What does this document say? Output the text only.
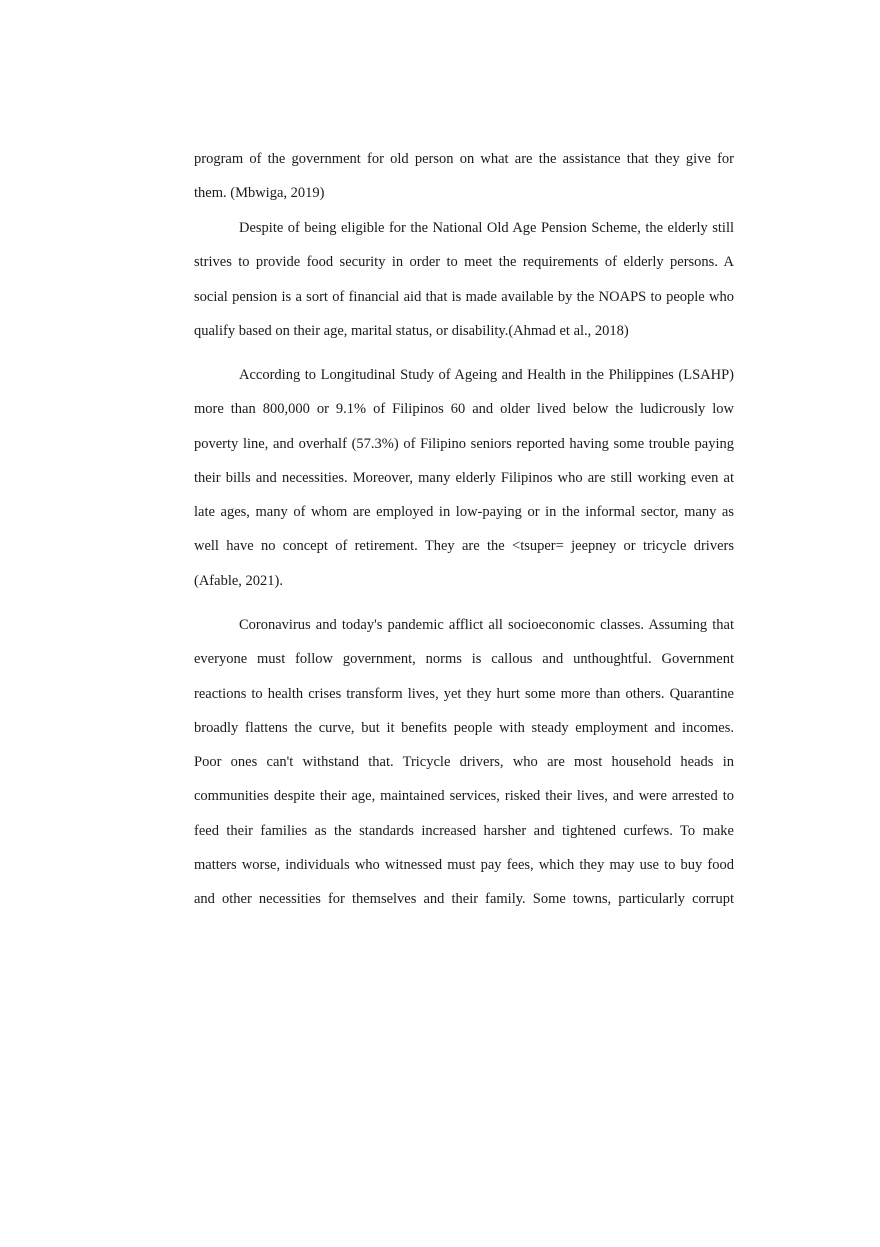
program of the government for old person on what are the assistance that they give for
them. (Mbwiga, 2019)
Despite of being eligible for the National Old Age Pension Scheme, the elderly still
strives to provide food security in order to meet the requirements of elderly persons. A
social pension is a sort of financial aid that is made available by the NOAPS to people who
qualify based on their age, marital status, or disability.(Ahmad et al., 2018)
According to Longitudinal Study of Ageing and Health in the Philippines (LSAHP)
more than 800,000 or 9.1% of Filipinos 60 and older lived below the ludicrously low
poverty line, and overhalf (57.3%) of Filipino seniors reported having some trouble paying
their bills and necessities. Moreover, many elderly Filipinos who are still working even at
late ages, many of whom are employed in low-paying or in the informal sector, many as
well have no concept of retirement. They are the <tsuper= jeepney or tricycle drivers
(Afable, 2021).
Coronavirus and today's pandemic afflict all socioeconomic classes. Assuming that
everyone must follow government, norms is callous and unthoughtful. Government
reactions to health crises transform lives, yet they hurt some more than others. Quarantine
broadly flattens the curve, but it benefits people with steady employment and incomes.
Poor ones can't withstand that. Tricycle drivers, who are most household heads in
communities despite their age, maintained services, risked their lives, and were arrested to
feed their families as the standards increased harsher and tightened curfews. To make
matters worse, individuals who witnessed must pay fees, which they may use to buy food
and other necessities for themselves and their family. Some towns, particularly corrupt
